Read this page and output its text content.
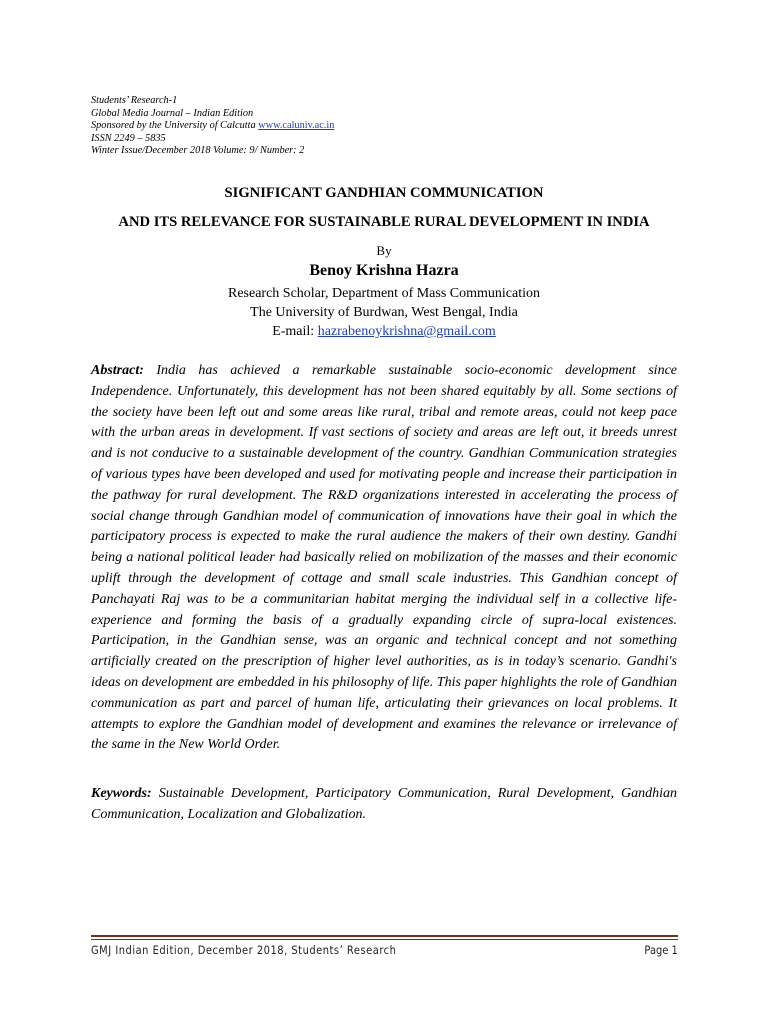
Students’ Research-1
Global Media Journal – Indian Edition
Sponsored by the University of Calcutta www.caluniv.ac.in
ISSN 2249 – 5835
Winter Issue/December 2018 Volume: 9/ Number: 2
SIGNIFICANT GANDHIAN COMMUNICATION
AND ITS RELEVANCE FOR SUSTAINABLE RURAL DEVELOPMENT IN INDIA
By
Benoy Krishna Hazra
Research Scholar, Department of Mass Communication
The University of Burdwan, West Bengal, India
E-mail: hazrabenoykrishna@gmail.com
Abstract: India has achieved a remarkable sustainable socio-economic development since Independence. Unfortunately, this development has not been shared equitably by all. Some sections of the society have been left out and some areas like rural, tribal and remote areas, could not keep pace with the urban areas in development. If vast sections of society and areas are left out, it breeds unrest and is not conducive to a sustainable development of the country. Gandhian Communication strategies of various types have been developed and used for motivating people and increase their participation in the pathway for rural development. The R&D organizations interested in accelerating the process of social change through Gandhian model of communication of innovations have their goal in which the participatory process is expected to make the rural audience the makers of their own destiny. Gandhi being a national political leader had basically relied on mobilization of the masses and their economic uplift through the development of cottage and small scale industries. This Gandhian concept of Panchayati Raj was to be a communitarian habitat merging the individual self in a collective life- experience and forming the basis of a gradually expanding circle of supra-local existences. Participation, in the Gandhian sense, was an organic and technical concept and not something artificially created on the prescription of higher level authorities, as is in today’s scenario. Gandhi's ideas on development are embedded in his philosophy of life. This paper highlights the role of Gandhian communication as part and parcel of human life, articulating their grievances on local problems. It attempts to explore the Gandhian model of development and examines the relevance or irrelevance of the same in the New World Order.
Keywords: Sustainable Development, Participatory Communication, Rural Development, Gandhian Communication, Localization and Globalization.
GMJ Indian Edition, December 2018, Students’ Research	Page 1
